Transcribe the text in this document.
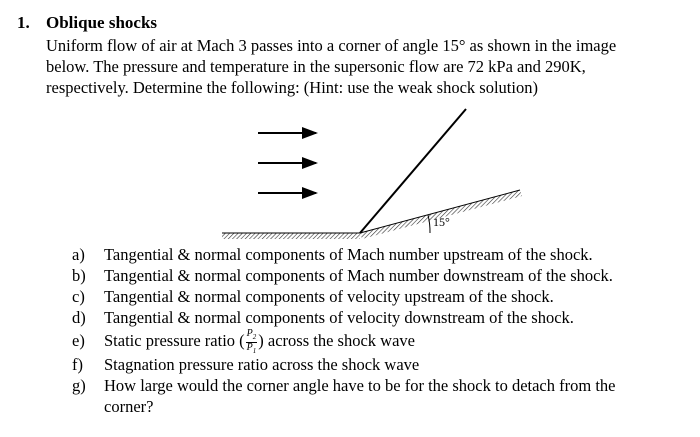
1. Oblique shocks
Uniform flow of air at Mach 3 passes into a corner of angle 15° as shown in the image
below. The pressure and temperature in the supersonic flow are 72 kPa and 290K,
respectively. Determine the following: (Hint: use the weak shock solution)
15°
a)	Tangential & normal components of Mach number upstream of the shock.
b)	Tangential & normal components of Mach number downstream of the shock.
c)	Tangential & normal components of velocity upstream of the shock.
d)	Tangential & normal components of velocity downstream of the shock.
e)	Static pressure ratio ( $\frac{P_2}{P_1}$ ) across the shock wave
f)	Stagnation pressure ratio across the shock wave
g)	How large would the corner angle have to be for the shock to detach from the
corner?
